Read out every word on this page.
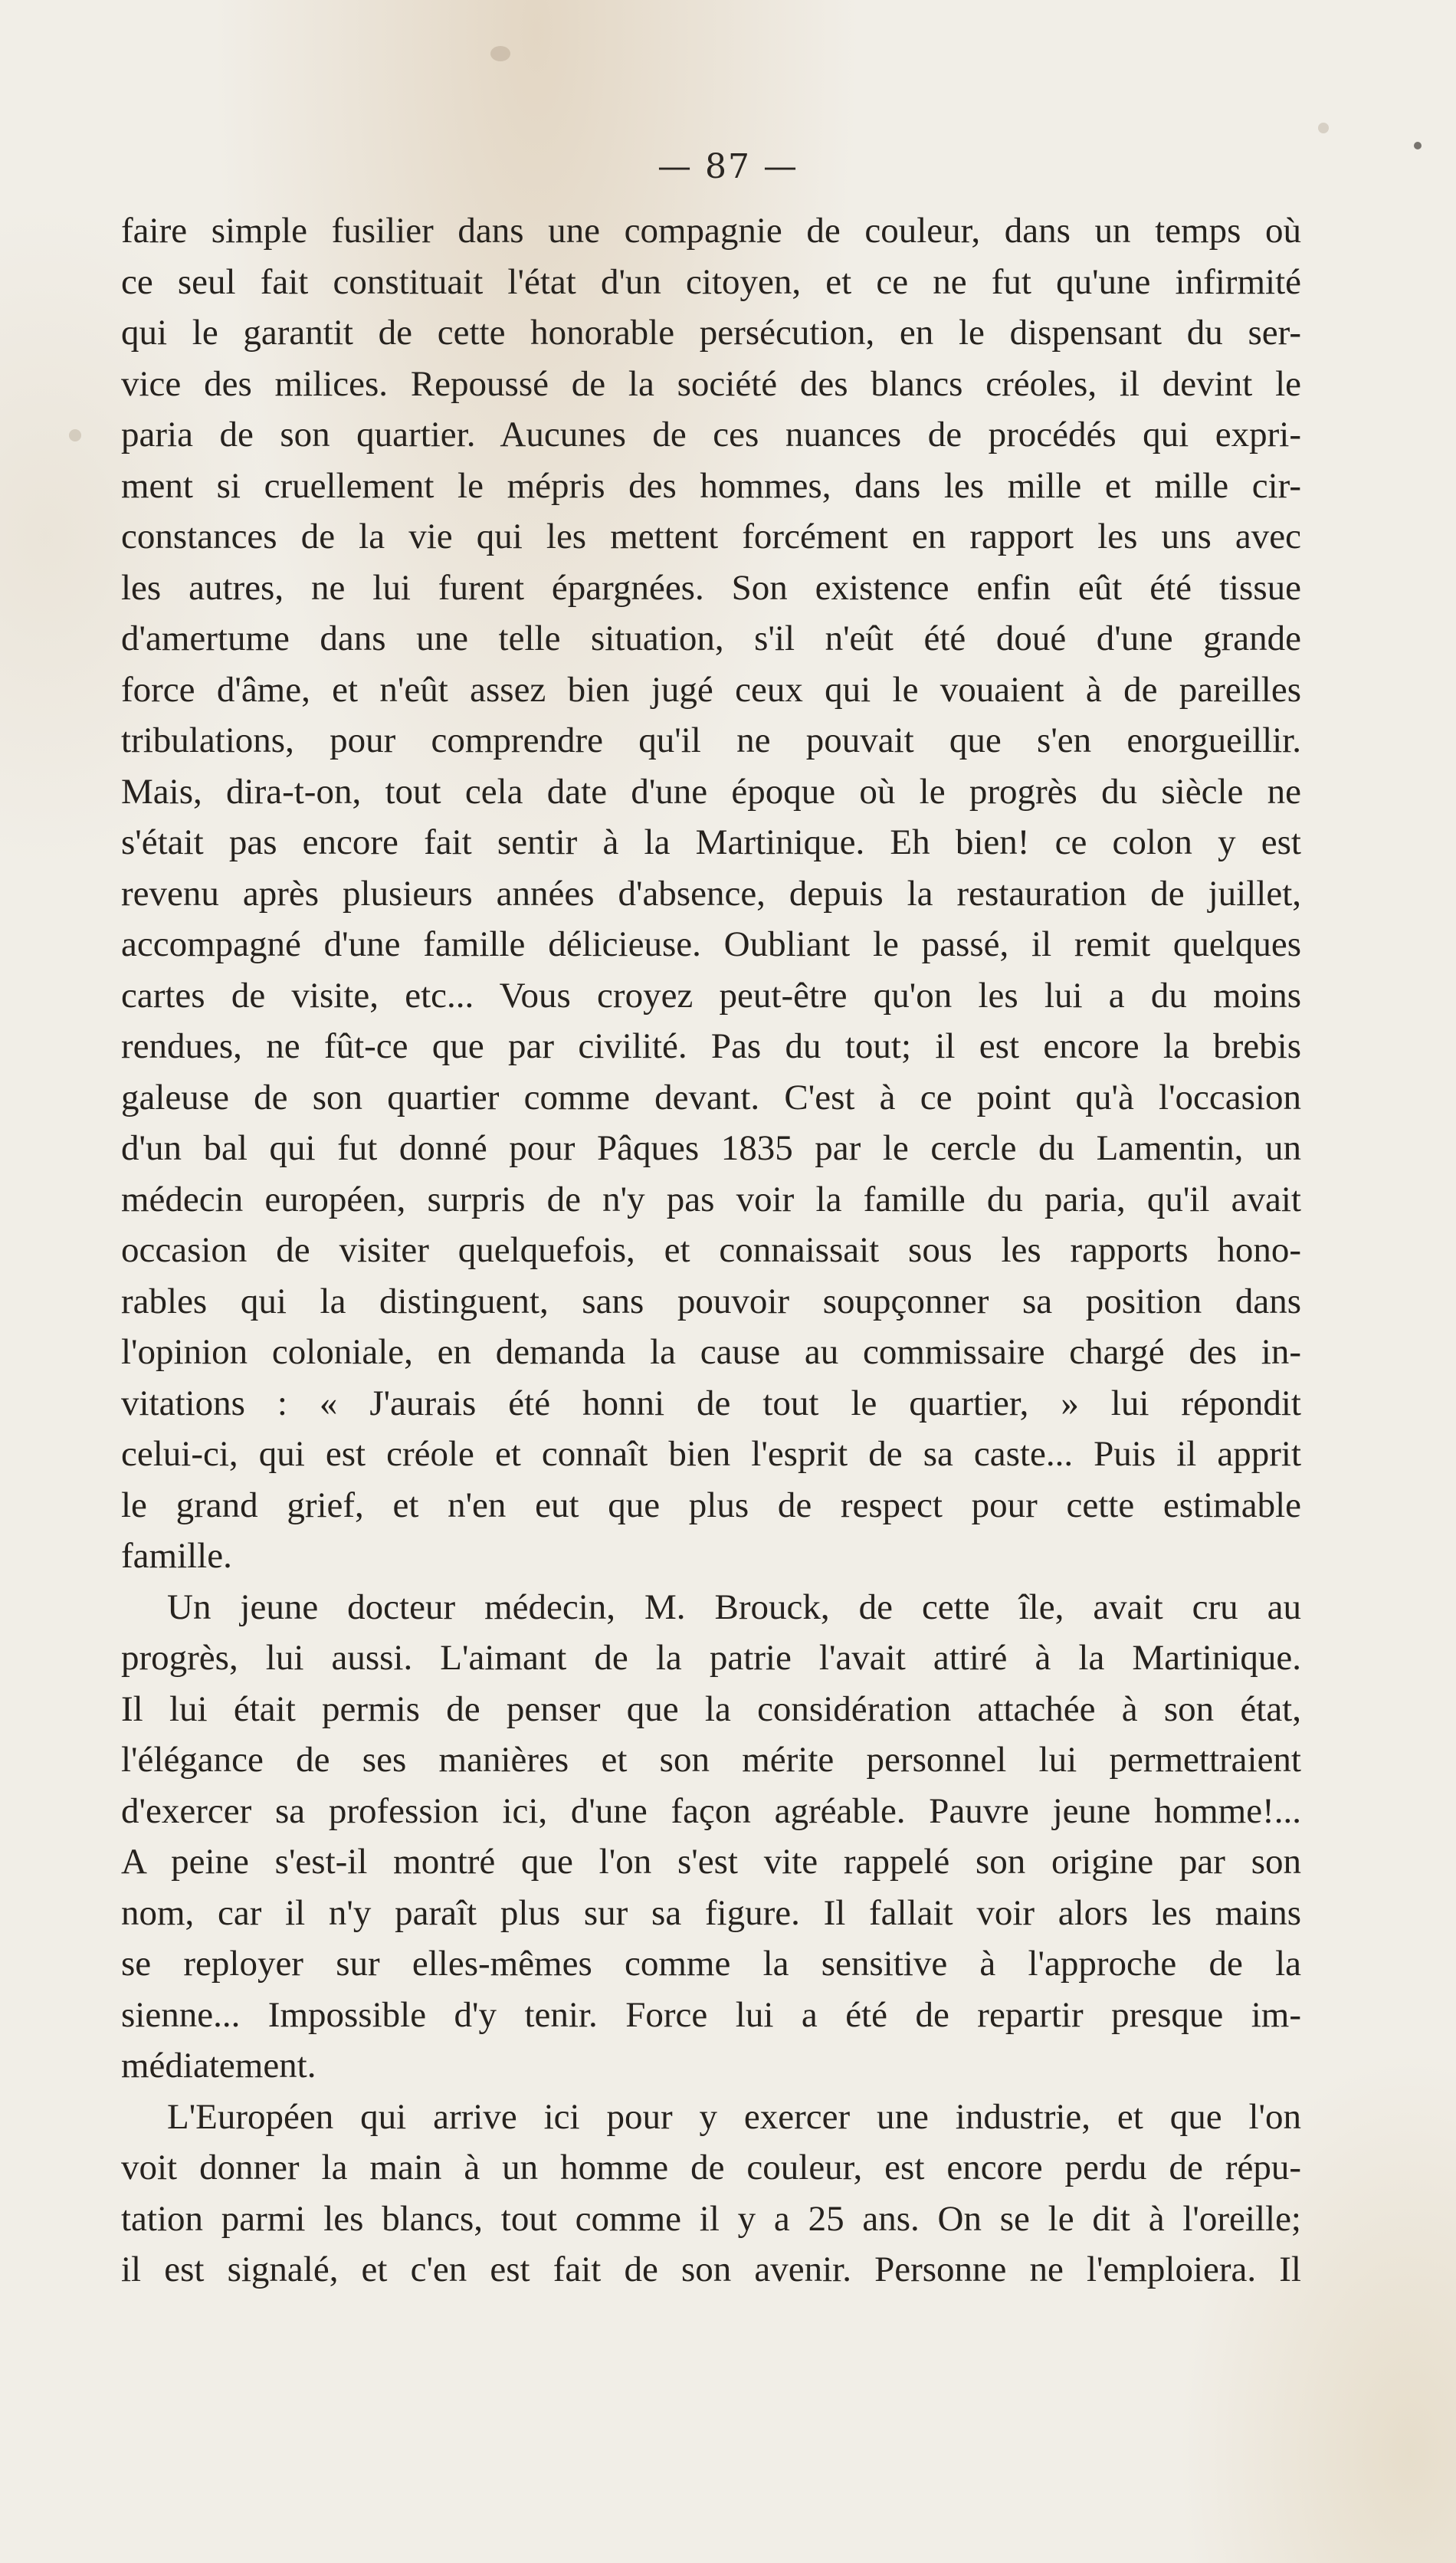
— 87 —
faire simple fusilier dans une compagnie de couleur, dans un temps où
ce seul fait constituait l'état d'un citoyen, et ce ne fut qu'une infirmité
qui le garantit de cette honorable persécution, en le dispensant du ser-
vice des milices. Repoussé de la société des blancs créoles, il devint le
paria de son quartier. Aucunes de ces nuances de procédés qui expri-
ment si cruellement le mépris des hommes, dans les mille et mille cir-
constances de la vie qui les mettent forcément en rapport les uns avec
les autres, ne lui furent épargnées. Son existence enfin eût été tissue
d'amertume dans une telle situation, s'il n'eût été doué d'une grande
force d'âme, et n'eût assez bien jugé ceux qui le vouaient à de pareilles
tribulations, pour comprendre qu'il ne pouvait que s'en enorgueillir.
Mais, dira-t-on, tout cela date d'une époque où le progrès du siècle ne
s'était pas encore fait sentir à la Martinique. Eh bien! ce colon y est
revenu après plusieurs années d'absence, depuis la restauration de juillet,
accompagné d'une famille délicieuse. Oubliant le passé, il remit quelques
cartes de visite, etc... Vous croyez peut-être qu'on les lui a du moins
rendues, ne fût-ce que par civilité. Pas du tout; il est encore la brebis
galeuse de son quartier comme devant. C'est à ce point qu'à l'occasion
d'un bal qui fut donné pour Pâques 1835 par le cercle du Lamentin, un
médecin européen, surpris de n'y pas voir la famille du paria, qu'il avait
occasion de visiter quelquefois, et connaissait sous les rapports hono-
rables qui la distinguent, sans pouvoir soupçonner sa position dans
l'opinion coloniale, en demanda la cause au commissaire chargé des in-
vitations : « J'aurais été honni de tout le quartier, » lui répondit
celui-ci, qui est créole et connaît bien l'esprit de sa caste... Puis il apprit
le grand grief, et n'en eut que plus de respect pour cette estimable
famille.
Un jeune docteur médecin, M. Brouck, de cette île, avait cru au
progrès, lui aussi. L'aimant de la patrie l'avait attiré à la Martinique.
Il lui était permis de penser que la considération attachée à son état,
l'élégance de ses manières et son mérite personnel lui permettraient
d'exercer sa profession ici, d'une façon agréable. Pauvre jeune homme!...
A peine s'est-il montré que l'on s'est vite rappelé son origine par son
nom, car il n'y paraît plus sur sa figure. Il fallait voir alors les mains
se reployer sur elles-mêmes comme la sensitive à l'approche de la
sienne... Impossible d'y tenir. Force lui a été de repartir presque im-
médiatement.
L'Européen qui arrive ici pour y exercer une industrie, et que l'on
voit donner la main à un homme de couleur, est encore perdu de répu-
tation parmi les blancs, tout comme il y a 25 ans. On se le dit à l'oreille;
il est signalé, et c'en est fait de son avenir. Personne ne l'emploiera. Il
